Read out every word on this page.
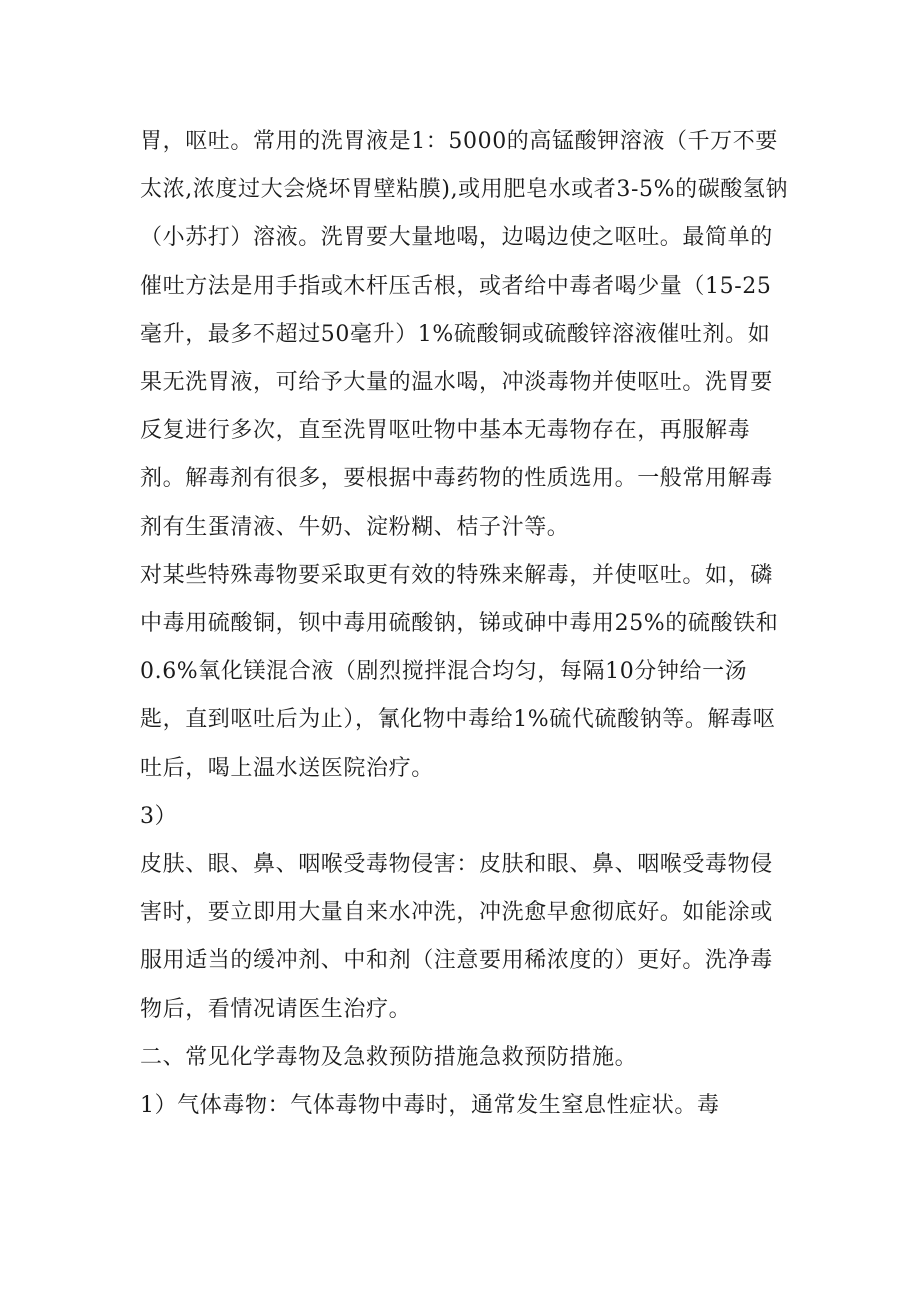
胃，呕吐。常用的洗胃液是1：5000的高锰酸钾溶液（千万不要太浓,浓度过大会烧坏胃壁粘膜),或用肥皂水或者3-5%的碳酸氢钠（小苏打）溶液。洗胃要大量地喝，边喝边使之呕吐。最简单的催吐方法是用手指或木杆压舌根，或者给中毒者喝少量（15-25毫升，最多不超过50毫升）1%硫酸铜或硫酸锌溶液催吐剂。如果无洗胃液，可给予大量的温水喝，冲淡毒物并使呕吐。洗胃要反复进行多次，直至洗胃呕吐物中基本无毒物存在，再服解毒剂。解毒剂有很多，要根据中毒药物的性质选用。一般常用解毒剂有生蛋清液、牛奶、淀粉糊、桔子汁等。

对某些特殊毒物要采取更有效的特殊来解毒，并使呕吐。如，磷中毒用硫酸铜，钡中毒用硫酸钠，锑或砷中毒用25%的硫酸铁和0.6%氧化镁混合液（剧烈搅拌混合均匀，每隔10分钟给一汤匙，直到呕吐后为止），氰化物中毒给1%硫代硫酸钠等。解毒呕吐后，喝上温水送医院治疗。

3）

皮肤、眼、鼻、咽喉受毒物侵害：皮肤和眼、鼻、咽喉受毒物侵害时，要立即用大量自来水冲洗，冲洗愈早愈彻底好。如能涂或服用适当的缓冲剂、中和剂（注意要用稀浓度的）更好。洗净毒物后，看情况请医生治疗。

二、常见化学毒物及急救预防措施急救预防措施。

1）气体毒物：气体毒物中毒时，通常发生窒息性症状。毒
